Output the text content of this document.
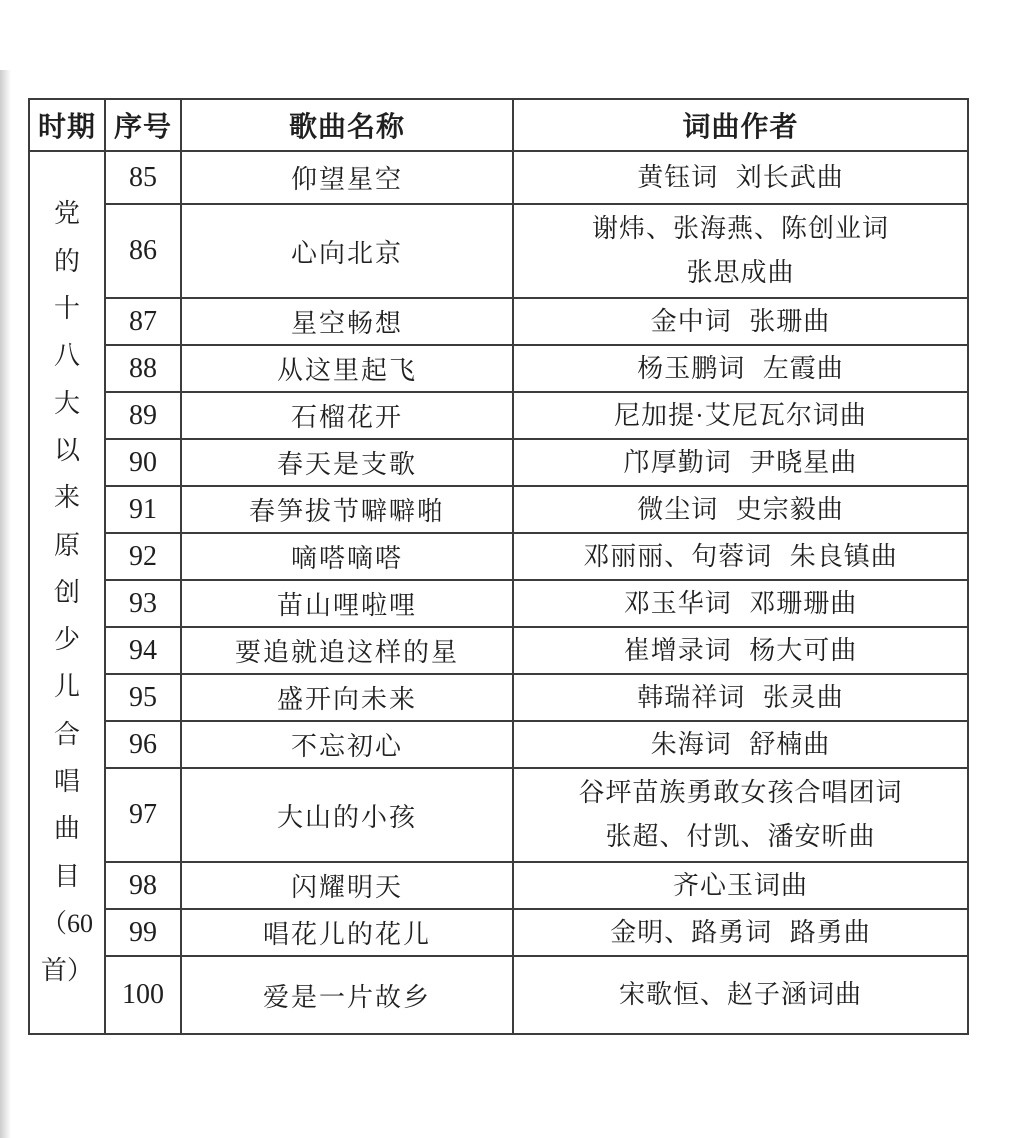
时期	序号	歌曲名称	词曲作者

党
的
十
八
大
以
来
原
创
少
儿
合
唱
曲
目
（60
首）
	85	仰望星空	黄钰词 刘长武曲

	86	心向北京	谢炜、张海燕、陈创业词
张思成曲

	87	星空畅想	金中词 张珊曲

	88	从这里起飞	杨玉鹏词 左霞曲

	89	石榴花开	尼加提·艾尼瓦尔词曲

	90	春天是支歌	邝厚勤词 尹晓星曲

	91	春笋拔节噼噼啪	微尘词 史宗毅曲

	92	嘀嗒嘀嗒	邓丽丽、句蓉词 朱良镇曲

	93	苗山哩啦哩	邓玉华词 邓珊珊曲

	94	要追就追这样的星	崔增录词 杨大可曲

	95	盛开向未来	韩瑞祥词 张灵曲

	96	不忘初心	朱海词 舒楠曲

	97	大山的小孩	谷坪苗族勇敢女孩合唱团词
张超、付凯、潘安昕曲

	98	闪耀明天	齐心玉词曲

	99	唱花儿的花儿	金明、路勇词 路勇曲

	100	爱是一片故乡	宋歌恒、赵子涵词曲
